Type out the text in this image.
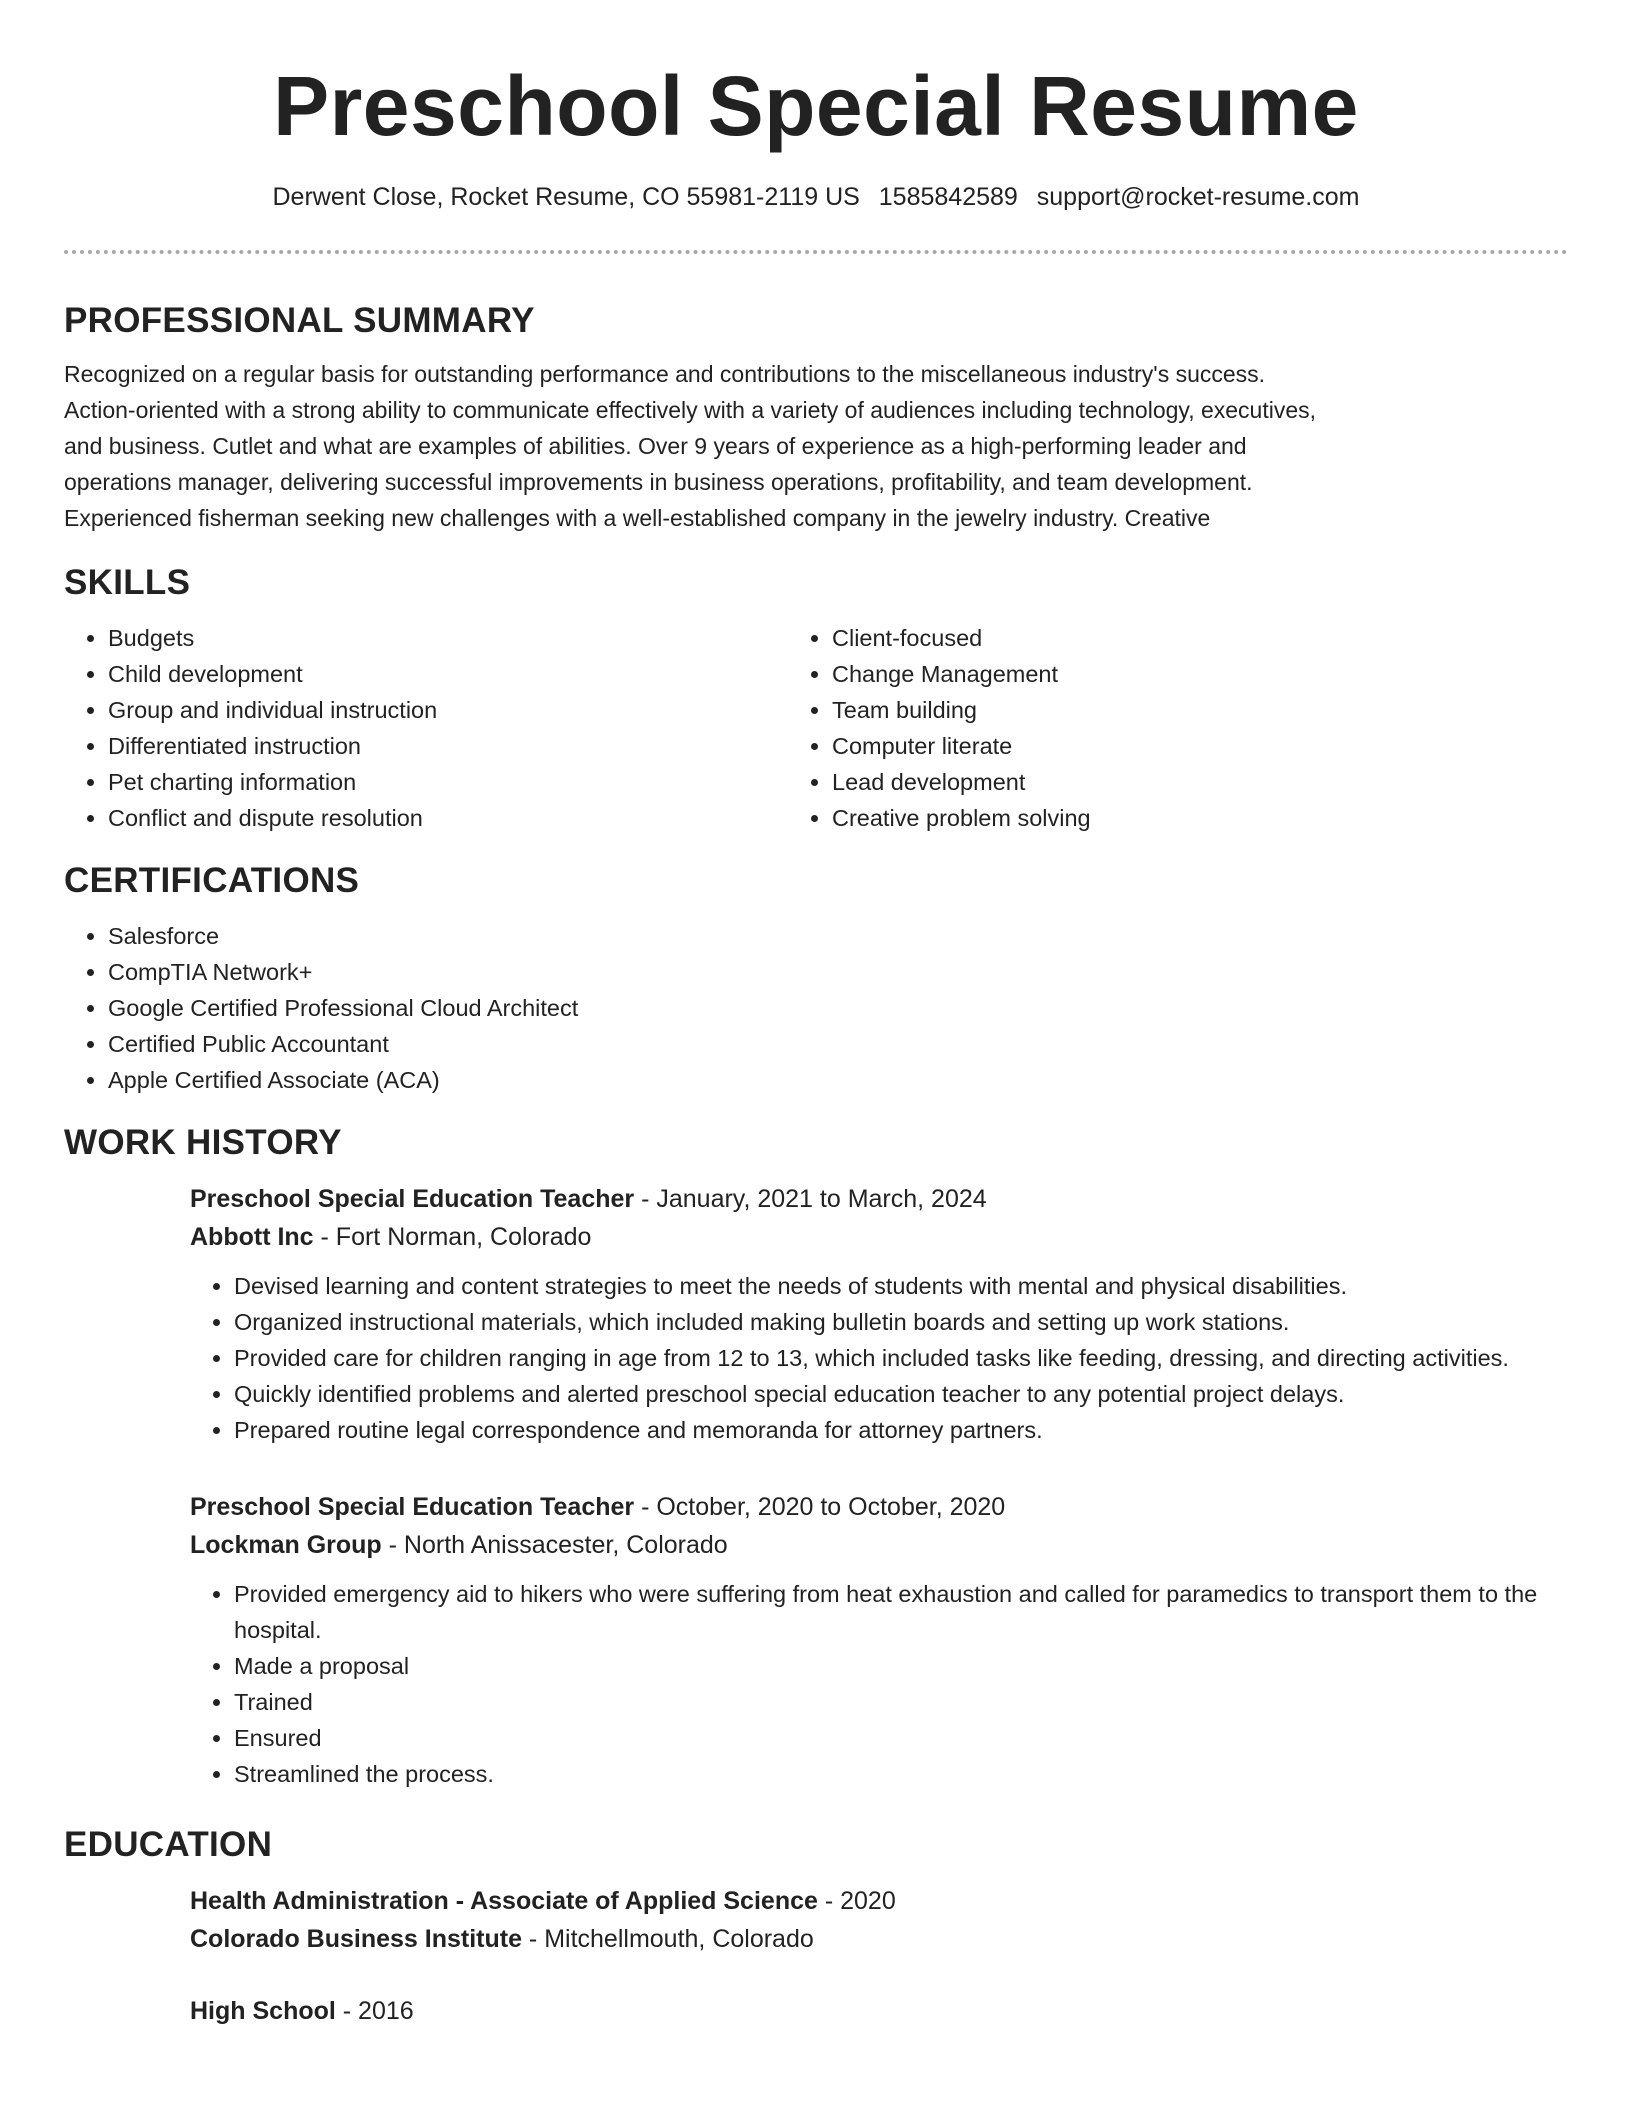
Preschool Special Resume
Derwent Close, Rocket Resume, CO 55981-2119 US 1585842589 support@rocket-resume.com
PROFESSIONAL SUMMARY
Recognized on a regular basis for outstanding performance and contributions to the miscellaneous industry's success.
Action-oriented with a strong ability to communicate effectively with a variety of audiences including technology, executives,
and business. Cutlet and what are examples of abilities. Over 9 years of experience as a high-performing leader and
operations manager, delivering successful improvements in business operations, profitability, and team development.
Experienced fisherman seeking new challenges with a well-established company in the jewelry industry. Creative
SKILLS
• Budgets
• Child development
• Group and individual instruction
• Differentiated instruction
• Pet charting information
• Conflict and dispute resolution
• Client-focused
• Change Management
• Team building
• Computer literate
• Lead development
• Creative problem solving
CERTIFICATIONS
• Salesforce
• CompTIA Network+
• Google Certified Professional Cloud Architect
• Certified Public Accountant
• Apple Certified Associate (ACA)
WORK HISTORY
Preschool Special Education Teacher - January, 2021 to March, 2024
Abbott Inc - Fort Norman, Colorado
• Devised learning and content strategies to meet the needs of students with mental and physical disabilities.
• Organized instructional materials, which included making bulletin boards and setting up work stations.
• Provided care for children ranging in age from 12 to 13, which included tasks like feeding, dressing, and directing activities.
• Quickly identified problems and alerted preschool special education teacher to any potential project delays.
• Prepared routine legal correspondence and memoranda for attorney partners.
Preschool Special Education Teacher - October, 2020 to October, 2020
Lockman Group - North Anissacester, Colorado
• Provided emergency aid to hikers who were suffering from heat exhaustion and called for paramedics to transport them to the hospital.
• Made a proposal
• Trained
• Ensured
• Streamlined the process.
EDUCATION
Health Administration - Associate of Applied Science - 2020
Colorado Business Institute - Mitchellmouth, Colorado
High School - 2016
